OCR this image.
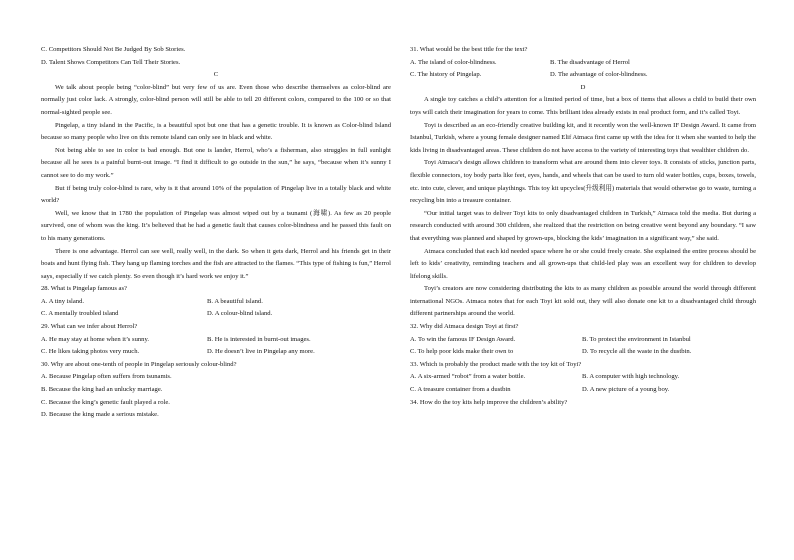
C. Competitors Should Not Be Judged By Sob Stories.

D. Talent Shows Competitors Can Tell Their Stories.

C

We talk about people being “color-blind” but very few of us are. Even those who describe themselves as color-blind are normally just color lack. A strongly, color-blind person will still be able to tell 20 different colors, compared to the 100 or so that normal-sighted people see.

Pingelap, a tiny island in the Pacific, is a beautiful spot but one that has a genetic trouble. It is known as Color-blind Island because so many people who live on this remote island can only see in black and white.

Not being able to see in color is bad enough. But one is lander, Herrol, who’s a fisherman, also struggles in full sunlight because all he sees is a painful burnt-out image. “I find it difficult to go outside in the sun,” he says, “because when it’s sunny I cannot see to do my work.”

But if being truly color-blind is rare, why is it that around 10% of the population of Pingelap live in a totally black and white world?

Well, we know that in 1780 the population of Pingelap was almost wiped out by a tsunami (海啸). As few as 20 people survived, one of whom was the king. It’s believed that he had a genetic fault that causes color-blindness and he passed this fault on to his many generations.

There is one advantage. Herrol can see well, really well, in the dark. So when it gets dark, Herrol and his friends get in their boats and hunt flying fish. They hang up flaming torches and the fish are attracted to the flames. “This type of fishing is fun,” Herrol says, especially if we catch plenty. So even though it’s hard work we enjoy it.”

28. What is Pingelap famous as?

A. A tiny island.	B. A beautiful island.
C. A mentally troubled island	D. A colour-blind island.

29. What can we infer about Herrol?

A. He may stay at home when it’s sunny.	B. He is interested in burnt-out images.
C. He likes taking photos very much.	D. He doesn’t live in Pingelap any more.

30. Why are about one-tenth of people in Pingelap seriously colour-blind?

A. Because Pingelap often suffers from tsunamis.

B. Because the king had an unlucky marriage.

C. Because the king’s genetic fault played a role.

D. Because the king made a serious mistake.

31. What would be the best title for the text?

A. The island of color-blindness.	B. The disadvantage of Herrol
C. The history of Pingelap.	D. The advantage of color-blindness.

D

A single toy catches a child’s attention for a limited period of time, but a box of items that allows a child to build their own toys will catch their imagination for years to come. This brilliant idea already exists in real product form, and it’s called Toyi.

Toyi is described as an eco-friendly creative building kit, and it recently won the well-known IF Design Award. It came from Istanbul, Turkish, where a young female designer named Elif Atmaca first came up with the idea for it when she wanted to help the kids living in disadvantaged areas. These children do not have access to the variety of interesting toys that wealthier children do.

Toyi Atmaca’s design allows children to transform what are around them into clever toys. It consists of sticks, junction parts, flexible connectors, toy body parts like feet, eyes, hands, and wheels that can be used to turn old water bottles, cups, boxes, towels, etc. into cute, clever, and unique playthings. This toy kit upcycles(升级利用) materials that would otherwise go to waste, turning a recycling bin into a treasure container.

“Our initial target was to deliver Toyi kits to only disadvantaged children in Turkish,” Atmaca told the media. But during a research conducted with around 300 children, she realized that the restriction on being creative went beyond any boundary. “I saw that everything was planned and shaped by grown-ups, blocking the kids’ imagination in a significant way,” she said.

Atmaca concluded that each kid needed space where he or she could freely create. She explained the entire process should be left to kids’ creativity, reminding teachers and all grown-ups that child-led play was an excellent way for children to develop lifelong skills.

Toyi’s creators are now considering distributing the kits to as many children as possible around the world through different international NGOs. Atmaca notes that for each Toyi kit sold out, they will also donate one kit to a disadvantaged child through different partnerships around the world.

32. Why did Atmaca design Toyi at first?

A. To win the famous IF Design Award.	B. To protect the environment in Istanbul
C. To help poor kids make their own to	D. To recycle all the waste in the dustbin.

33. Which is probably the product made with the toy kit of Toyi?

A. A six-armed “robot” from a water bottle.	B. A computer with high technology.
C. A treasure container from a dustbin	D. A new picture of a young boy.

34. How do the toy kits help improve the children’s ability?
